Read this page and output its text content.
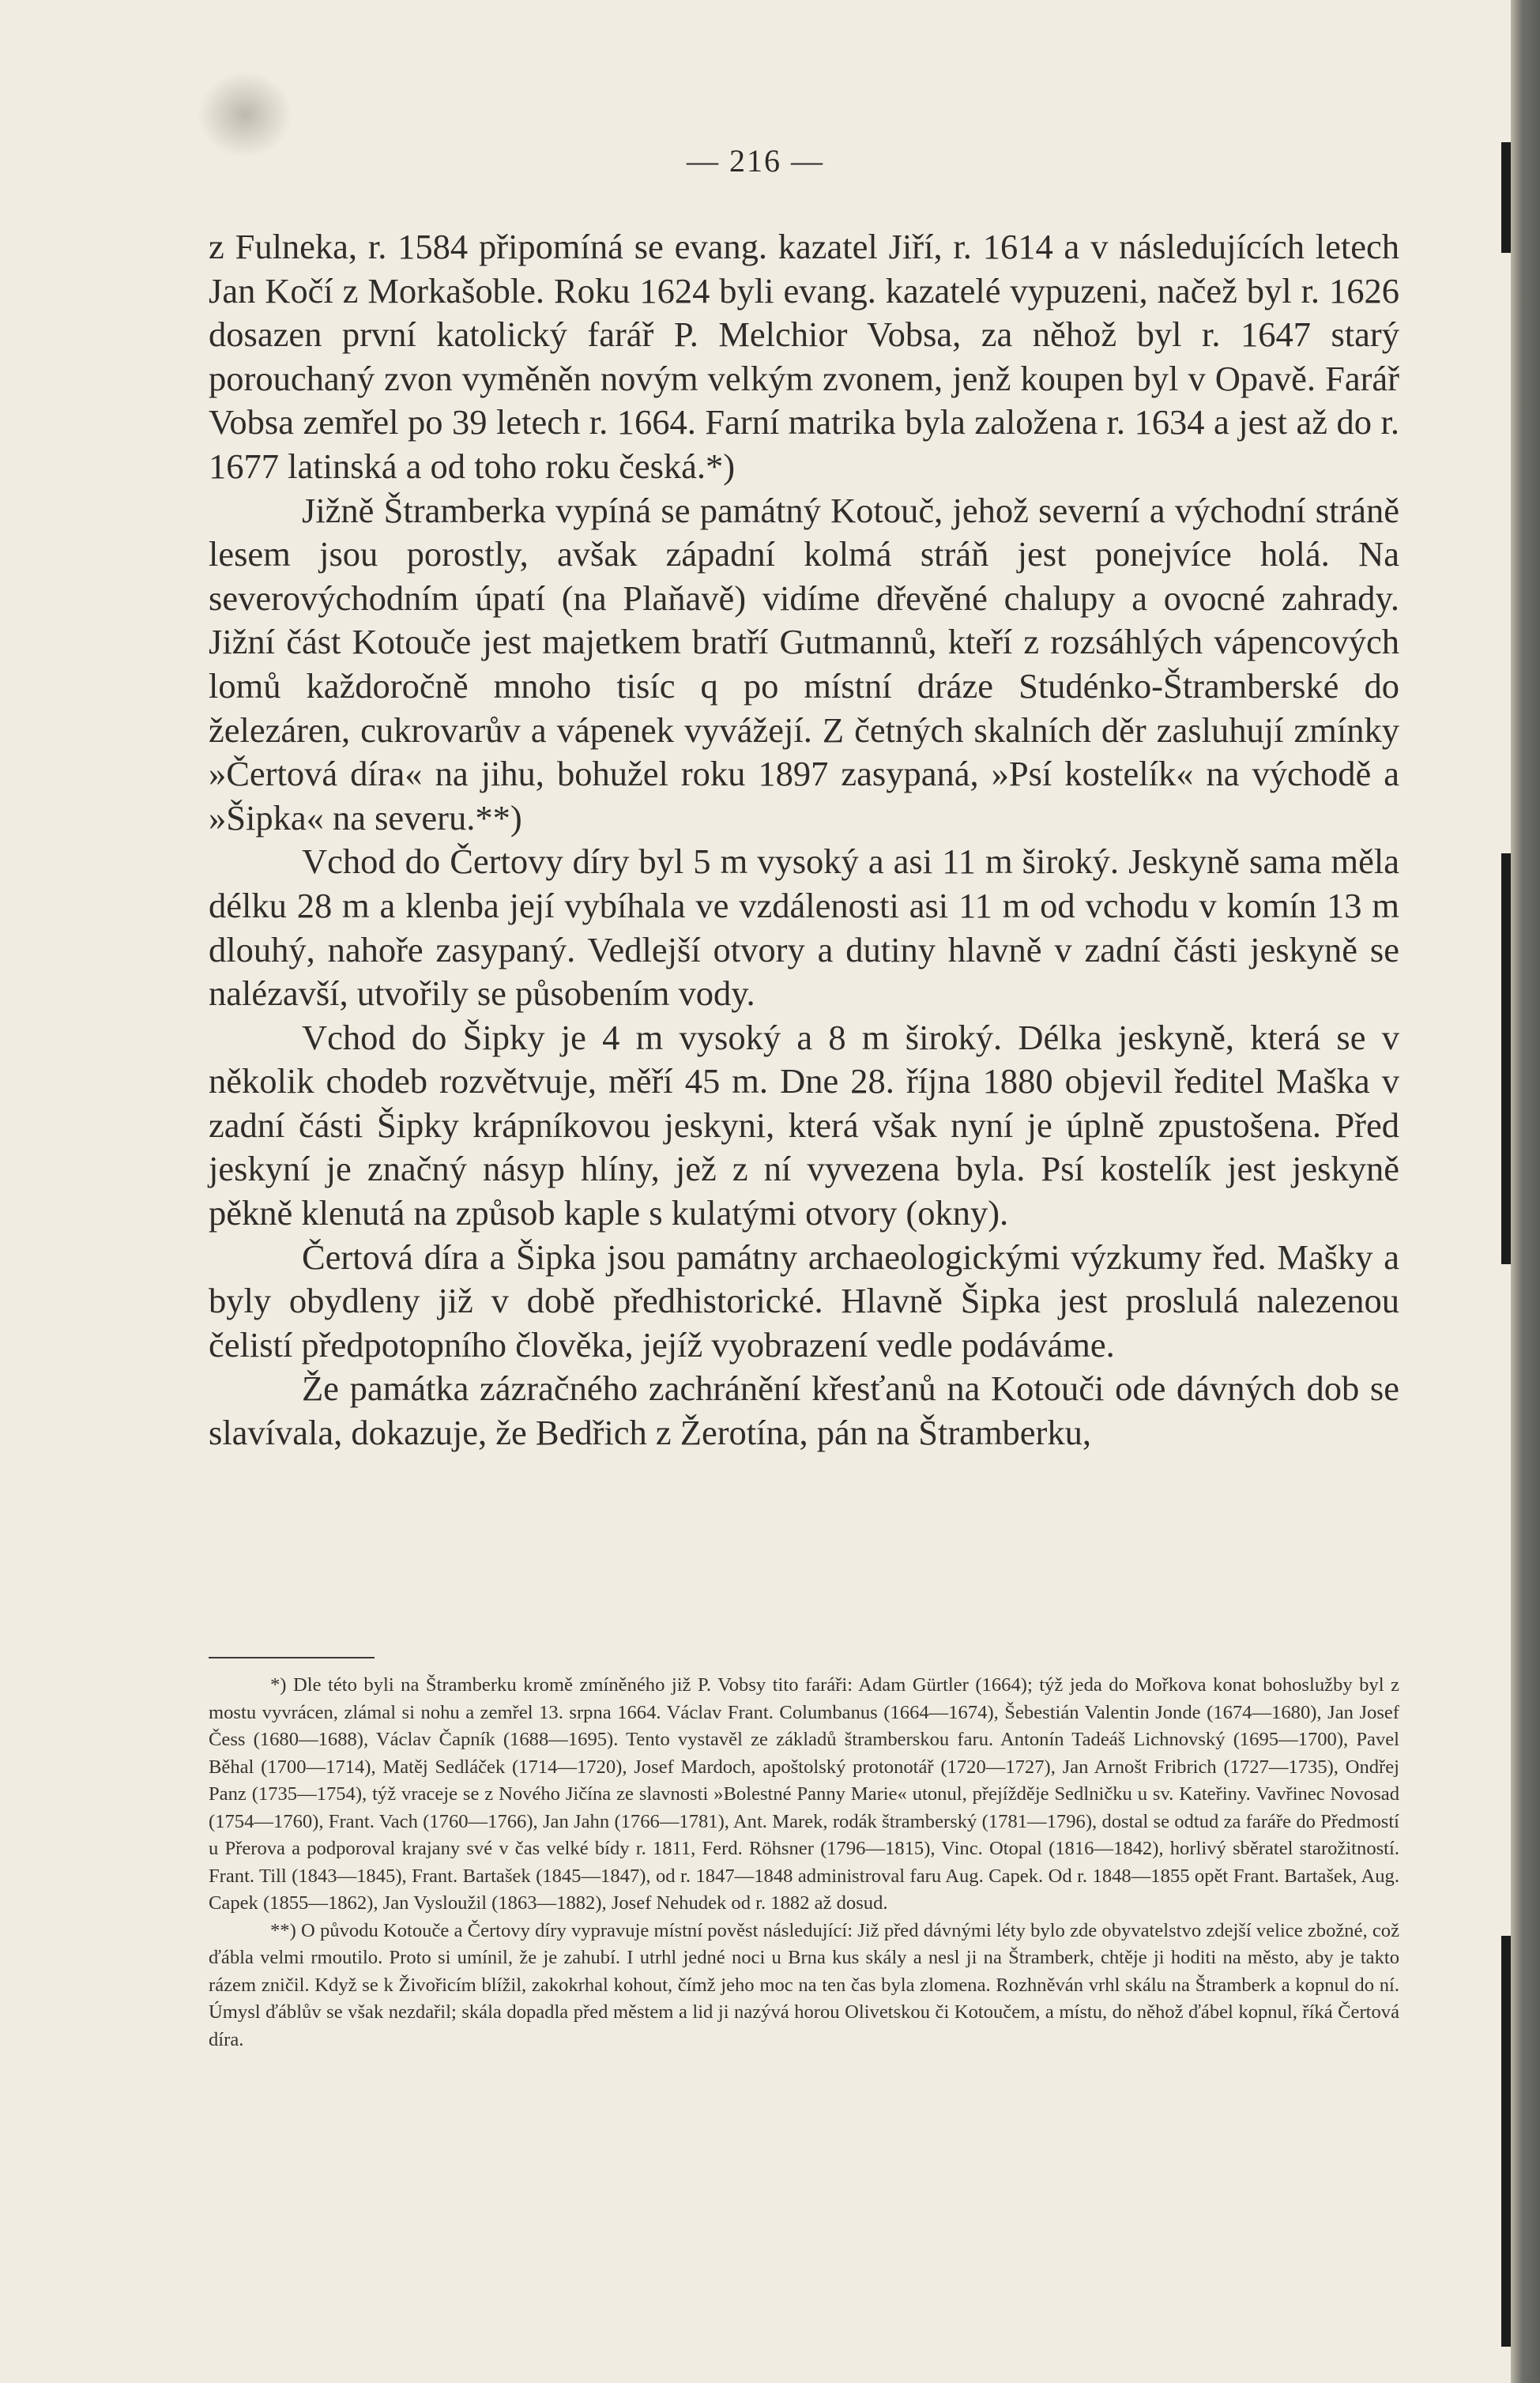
— 216 —

z Fulneka, r. 1584 připomíná se evang. kazatel Jiří, r. 1614 a v následujících letech Jan Kočí z Morkašoble. Roku 1624 byli evang. kazatelé vypuzeni, načež byl r. 1626 dosazen první katolický farář P. Melchior Vobsa, za něhož byl r. 1647 starý porouchaný zvon vyměněn novým velkým zvonem, jenž koupen byl v Opavě. Farář Vobsa zemřel po 39 letech r. 1664. Farní matrika byla založena r. 1634 a jest až do r. 1677 latinská a od toho roku česká.*)

Jižně Štramberka vypíná se památný Kotouč, jehož severní a východní stráně lesem jsou porostly, avšak západní kolmá stráň jest ponejvíce holá. Na severovýchodním úpatí (na Plaňavě) vidíme dřevěné chalupy a ovocné zahrady. Jižní část Kotouče jest majetkem bratří Gutmannů, kteří z rozsáhlých vápencových lomů každoročně mnoho tisíc q po místní dráze Studénko-Štramberské do železáren, cukrovarův a vápenek vyvážejí. Z četných skalních děr zasluhují zmínky »Čertová díra« na jihu, bohužel roku 1897 zasypaná, »Psí kostelík« na východě a »Šipka« na severu.**)

Vchod do Čertovy díry byl 5 m vysoký a asi 11 m široký. Jeskyně sama měla délku 28 m a klenba její vybíhala ve vzdálenosti asi 11 m od vchodu v komín 13 m dlouhý, nahoře zasypaný. Vedlejší otvory a dutiny hlavně v zadní části jeskyně se nalézavší, utvořily se působením vody.

Vchod do Šipky je 4 m vysoký a 8 m široký. Délka jeskyně, která se v několik chodeb rozvětvuje, měří 45 m. Dne 28. října 1880 objevil ředitel Maška v zadní části Šipky krápníkovou jeskyni, která však nyní je úplně zpustošena. Před jeskyní je značný násyp hlíny, jež z ní vyvezena byla. Psí kostelík jest jeskyně pěkně klenutá na způsob kaple s kulatými otvory (okny).

Čertová díra a Šipka jsou památny archaeologickými výzkumy řed. Mašky a byly obydleny již v době předhistorické. Hlavně Šipka jest proslulá nalezenou čelistí předpotopního člověka, jejíž vyobrazení vedle podáváme.

Že památka zázračného zachránění křesťanů na Kotouči ode dávných dob se slavívala, dokazuje, že Bedřich z Žerotína, pán na Štramberku,

*) Dle této byli na Štramberku kromě zmíněného již P. Vobsy tito faráři: Adam Gürtler (1664); týž jeda do Mořkova konat bohoslužby byl z mostu vyvrácen, zlámal si nohu a zemřel 13. srpna 1664. Václav Frant. Columbanus (1664—1674), Šebestián Valentin Jonde (1674—1680), Jan Josef Čess (1680—1688), Václav Čapník (1688—1695). Tento vystavěl ze základů štramberskou faru. Antonín Tadeáš Lichnovský (1695—1700), Pavel Běhal (1700—1714), Matěj Sedláček (1714—1720), Josef Mardoch, apoštolský protonotář (1720—1727), Jan Arnošt Fribrich (1727—1735), Ondřej Panz (1735—1754), týž vraceje se z Nového Jičína ze slavnosti »Bolestné Panny Marie« utonul, přejížděje Sedlničku u sv. Kateřiny. Vavřinec Novosad (1754—1760), Frant. Vach (1760—1766), Jan Jahn (1766—1781), Ant. Marek, rodák štramberský (1781—1796), dostal se odtud za faráře do Předmostí u Přerova a podporoval krajany své v čas velké bídy r. 1811, Ferd. Röhsner (1796—1815), Vinc. Otopal (1816—1842), horlivý sběratel starožitností. Frant. Till (1843—1845), Frant. Bartašek (1845—1847), od r. 1847—1848 administroval faru Aug. Capek. Od r. 1848—1855 opět Frant. Bartašek, Aug. Capek (1855—1862), Jan Vysloužil (1863—1882), Josef Nehudek od r. 1882 až dosud.

**) O původu Kotouče a Čertovy díry vypravuje místní pověst následující: Již před dávnými léty bylo zde obyvatelstvo zdejší velice zbožné, což ďábla velmi rmoutilo. Proto si umínil, že je zahubí. I utrhl jedné noci u Brna kus skály a nesl ji na Štramberk, chtěje ji hoditi na město, aby je takto rázem zničil. Když se k Živořicím blížil, zakokrhal kohout, čímž jeho moc na ten čas byla zlomena. Rozhněván vrhl skálu na Štramberk a kopnul do ní. Úmysl ďáblův se však nezdařil; skála dopadla před městem a lid ji nazývá horou Olivetskou či Kotoučem, a místu, do něhož ďábel kopnul, říká Čertová díra.
